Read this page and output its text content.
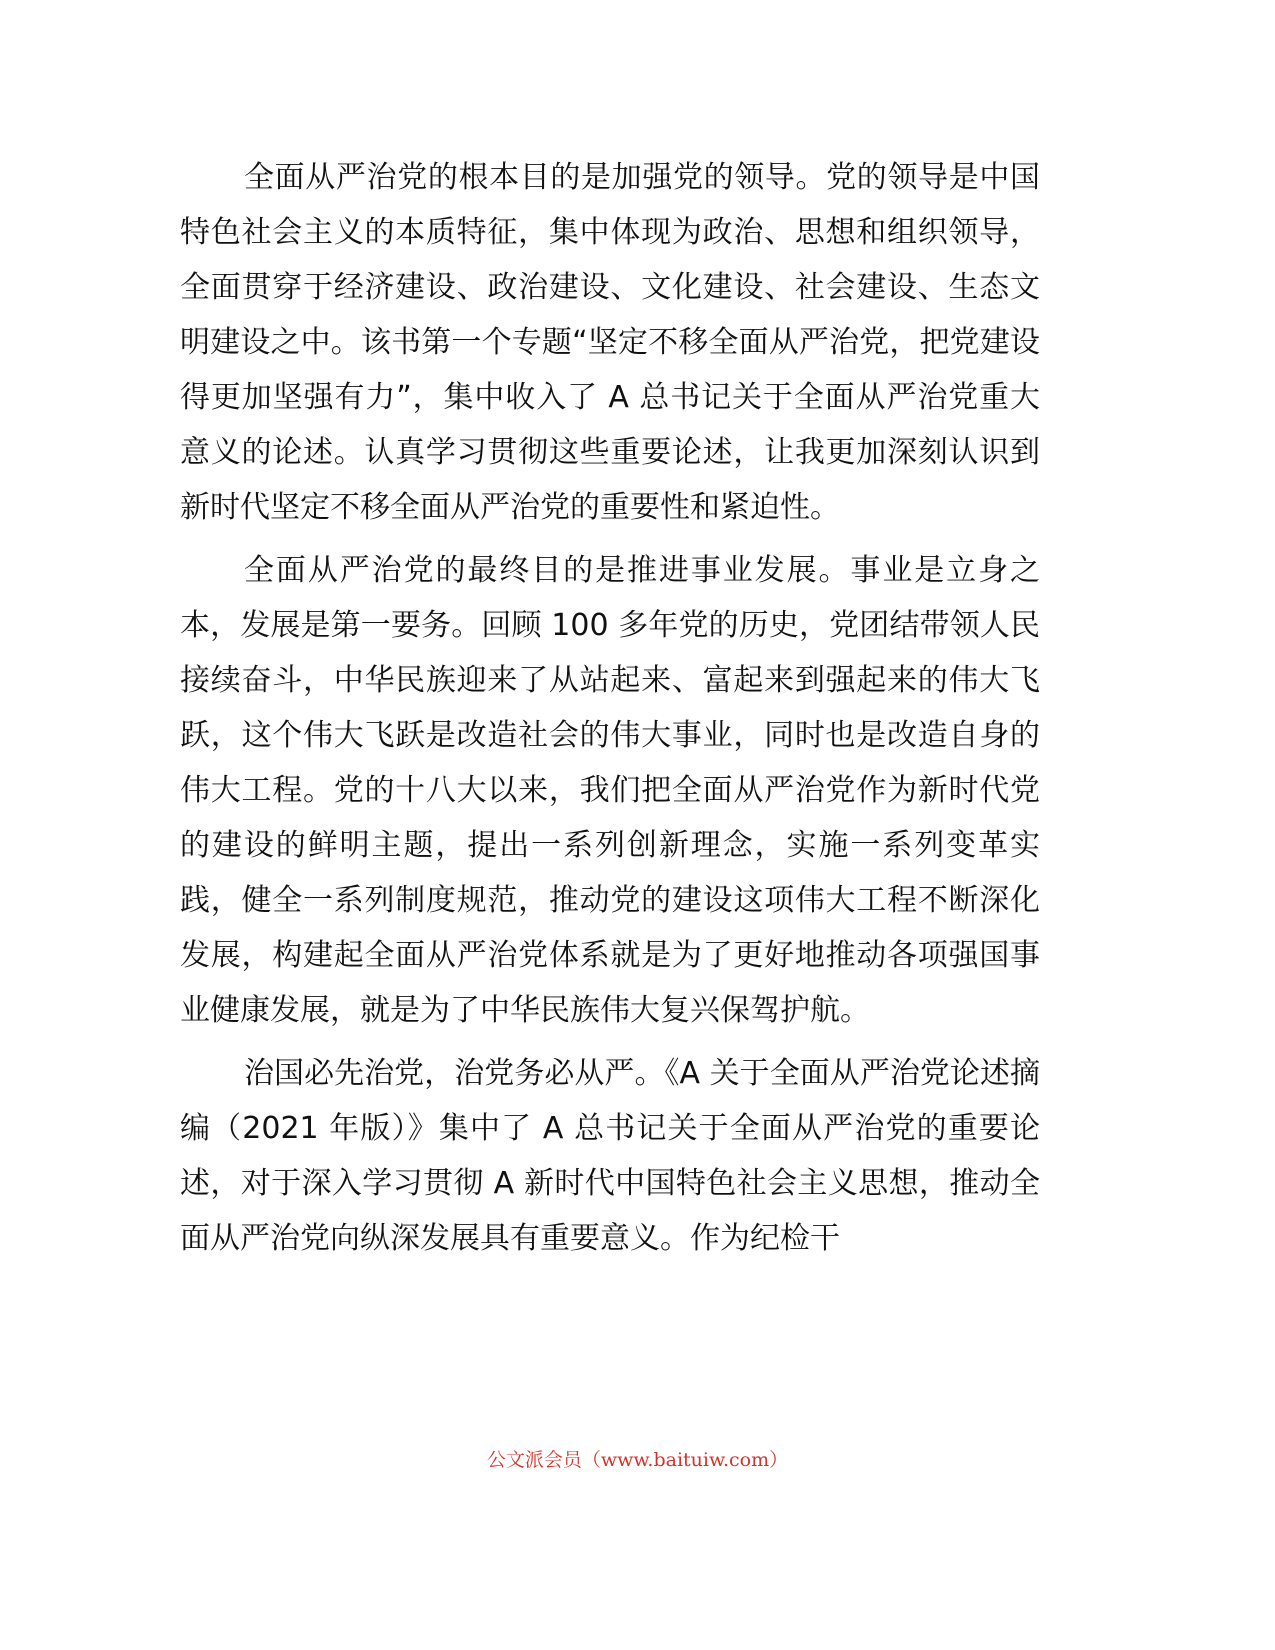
全面从严治党的根本目的是加强党的领导。党的领导是中国特色社会主义的本质特征，集中体现为政治、思想和组织领导，全面贯穿于经济建设、政治建设、文化建设、社会建设、生态文明建设之中。该书第一个专题“坚定不移全面从严治党，把党建设得更加坚强有力”，集中收入了 A 总书记关于全面从严治党重大意义的论述。认真学习贯彻这些重要论述，让我更加深刻认识到新时代坚定不移全面从严治党的重要性和紧迫性。

全面从严治党的最终目的是推进事业发展。事业是立身之本，发展是第一要务。回顾 100 多年党的历史，党团结带领人民接续奋斗，中华民族迎来了从站起来、富起来到强起来的伟大飞跃，这个伟大飞跃是改造社会的伟大事业，同时也是改造自身的伟大工程。党的十八大以来，我们把全面从严治党作为新时代党的建设的鲜明主题，提出一系列创新理念，实施一系列变革实践，健全一系列制度规范，推动党的建设这项伟大工程不断深化发展，构建起全面从严治党体系就是为了更好地推动各项强国事业健康发展，就是为了中华民族伟大复兴保驾护航。

治国必先治党，治党务必从严。《A 关于全面从严治党论述摘编（2021 年版）》集中了 A 总书记关于全面从严治党的重要论述，对于深入学习贯彻 A 新时代中国特色社会主义思想，推动全面从严治党向纵深发展具有重要意义。作为纪检干

公文派会员（www.baituiw.com）
